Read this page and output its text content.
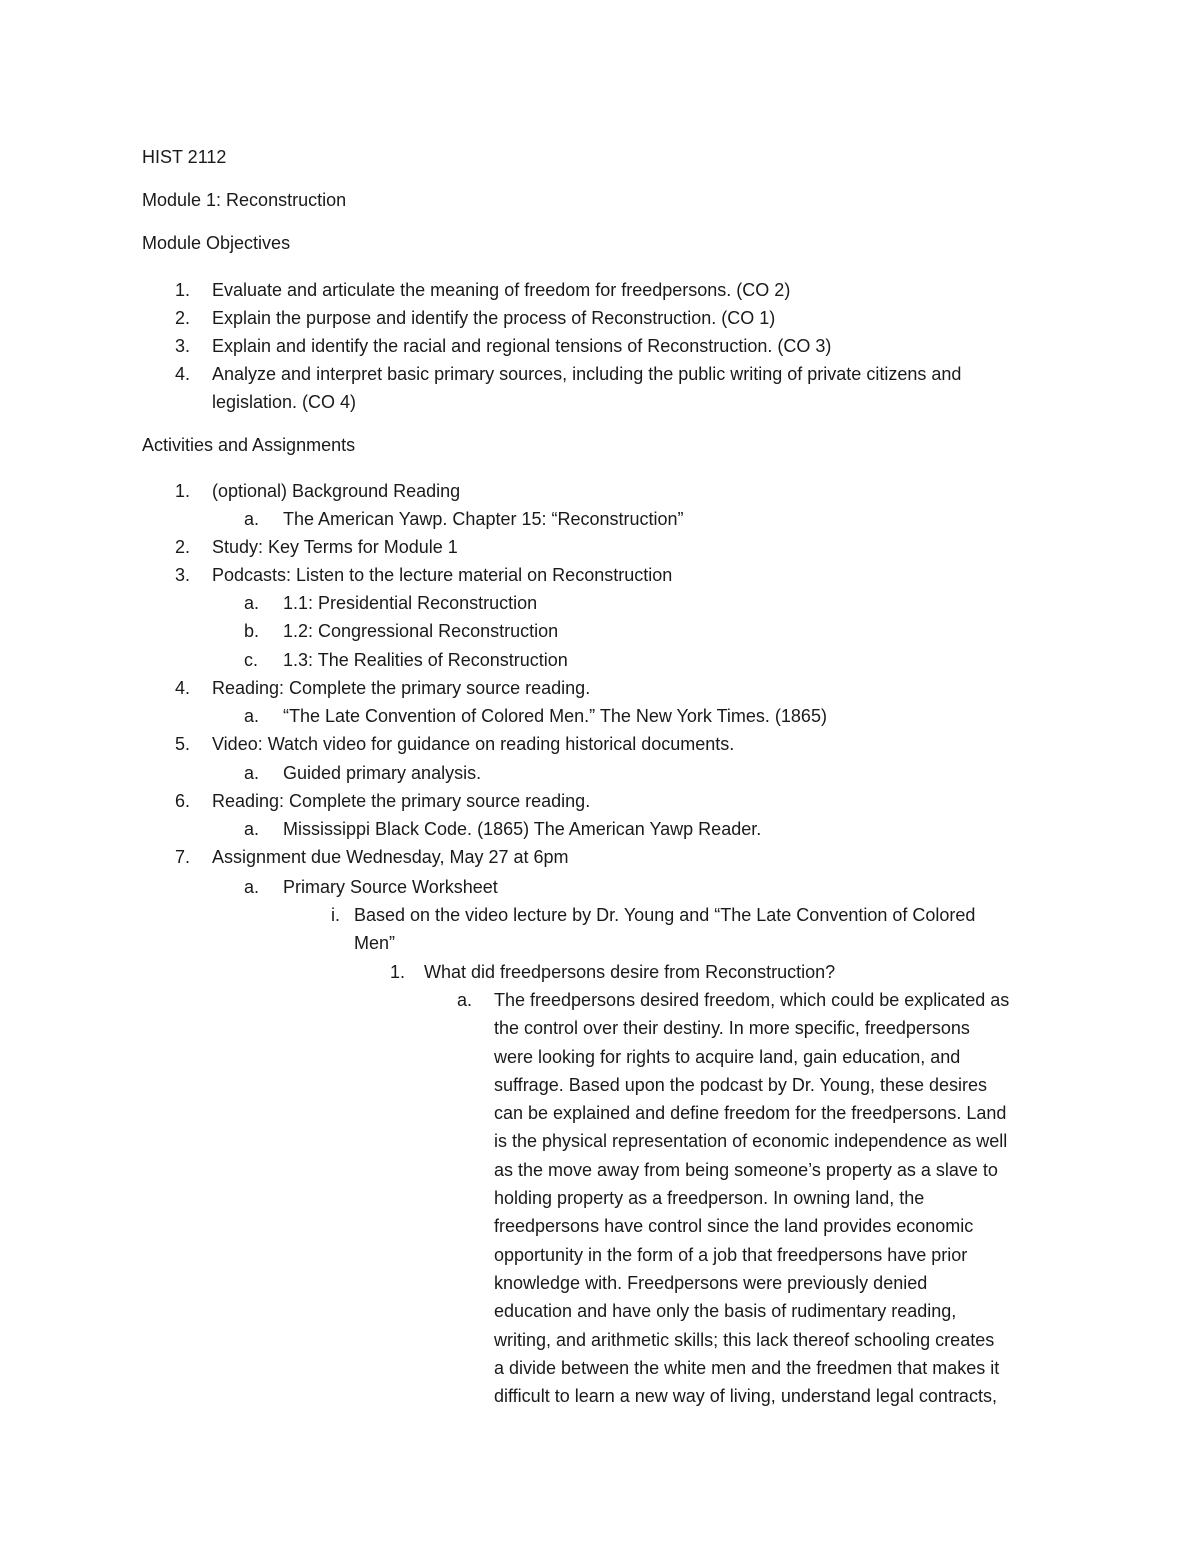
HIST 2112
Module 1: Reconstruction
Module Objectives
1. Evaluate and articulate the meaning of freedom for freedpersons. (CO 2)
2. Explain the purpose and identify the process of Reconstruction. (CO 1)
3. Explain and identify the racial and regional tensions of Reconstruction. (CO 3)
4. Analyze and interpret basic primary sources, including the public writing of private citizens and
legislation. (CO 4)
Activities and Assignments
1. (optional) Background Reading
a. The American Yawp. Chapter 15: “Reconstruction”
2. Study: Key Terms for Module 1
3. Podcasts: Listen to the lecture material on Reconstruction
a. 1.1: Presidential Reconstruction
b. 1.2: Congressional Reconstruction
c. 1.3: The Realities of Reconstruction
4. Reading: Complete the primary source reading.
a. “The Late Convention of Colored Men.” The New York Times. (1865)
5. Video: Watch video for guidance on reading historical documents.
a. Guided primary analysis.
6. Reading: Complete the primary source reading.
a. Mississippi Black Code. (1865) The American Yawp Reader.
7. Assignment due Wednesday, May 27 at 6pm
a. Primary Source Worksheet
i. Based on the video lecture by Dr. Young and “The Late Convention of Colored
Men”
1. What did freedpersons desire from Reconstruction?
a. The freedpersons desired freedom, which could be explicated as
the control over their destiny. In more specific, freedpersons
were looking for rights to acquire land, gain education, and
suffrage. Based upon the podcast by Dr. Young, these desires
can be explained and define freedom for the freedpersons. Land
is the physical representation of economic independence as well
as the move away from being someone’s property as a slave to
holding property as a freedperson. In owning land, the
freedpersons have control since the land provides economic
opportunity in the form of a job that freedpersons have prior
knowledge with. Freedpersons were previously denied
education and have only the basis of rudimentary reading,
writing, and arithmetic skills; this lack thereof schooling creates
a divide between the white men and the freedmen that makes it
difficult to learn a new way of living, understand legal contracts,
